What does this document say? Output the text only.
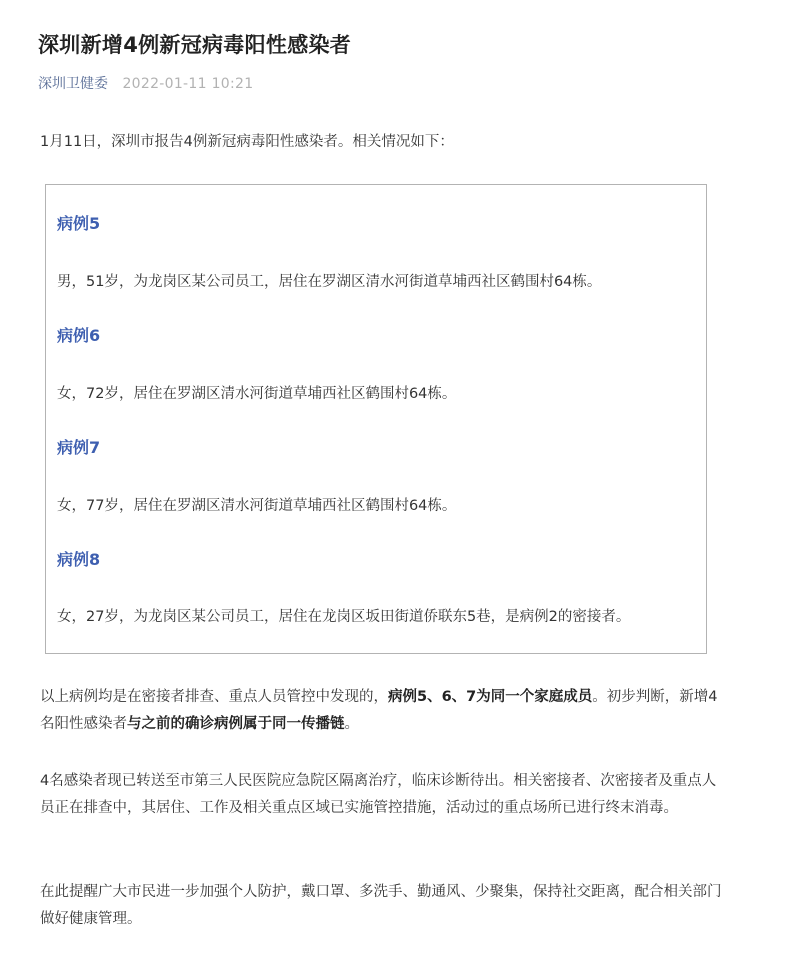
深圳新增4例新冠病毒阳性感染者
深圳卫健委 2022-01-11 10:21

1月11日，深圳市报告4例新冠病毒阳性感染者。相关情况如下：

病例5

男，51岁，为龙岗区某公司员工，居住在罗湖区清水河街道草埔西社区鹤围村64栋。

病例6

女，72岁，居住在罗湖区清水河街道草埔西社区鹤围村64栋。

病例7

女，77岁，居住在罗湖区清水河街道草埔西社区鹤围村64栋。

病例8

女，27岁，为龙岗区某公司员工，居住在龙岗区坂田街道侨联东5巷，是病例2的密接者。

以上病例均是在密接者排查、重点人员管控中发现的，病例5、6、7为同一个家庭成员。初步判断，新增4名阳性感染者与之前的确诊病例属于同一传播链。

4名感染者现已转送至市第三人民医院应急院区隔离治疗，临床诊断待出。相关密接者、次密接者及重点人员正在排查中，其居住、工作及相关重点区域已实施管控措施，活动过的重点场所已进行终末消毒。

在此提醒广大市民进一步加强个人防护，戴口罩、多洗手、勤通风、少聚集，保持社交距离，配合相关部门做好健康管理。
